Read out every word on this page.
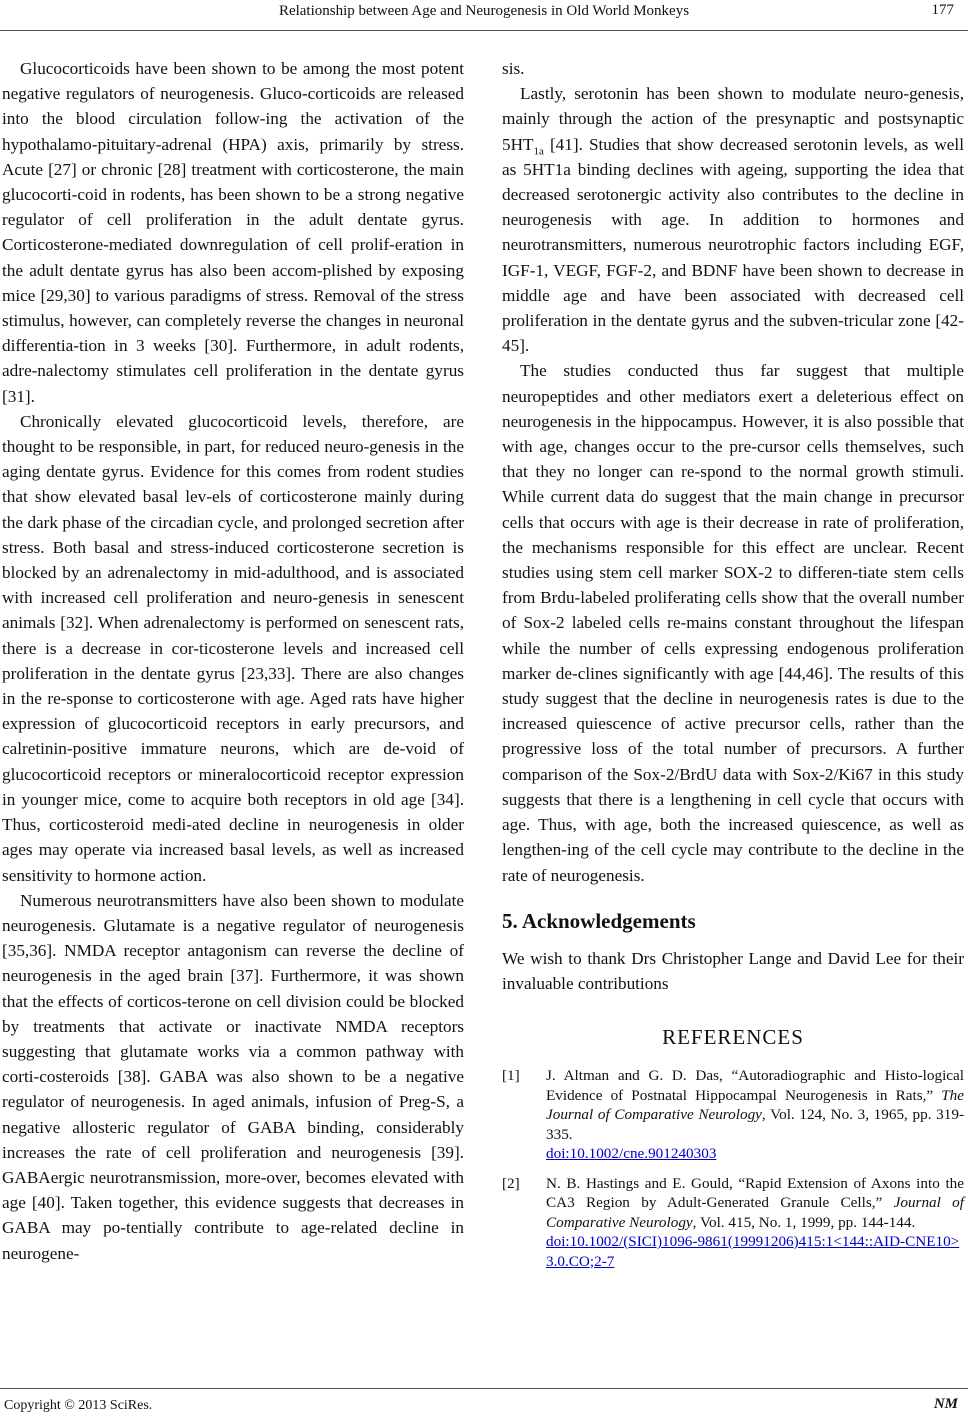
Relationship between Age and Neurogenesis in Old World Monkeys	177

Glucocorticoids have been shown to be among the most potent negative regulators of neurogenesis. Gluco-corticoids are released into the blood circulation follow-ing the activation of the hypothalamo-pituitary-adrenal (HPA) axis, primarily by stress. Acute [27] or chronic [28] treatment with corticosterone, the main glucocorti-coid in rodents, has been shown to be a strong negative regulator of cell proliferation in the adult dentate gyrus. Corticosterone-mediated downregulation of cell prolif-eration in the adult dentate gyrus has also been accom-plished by exposing mice [29,30] to various paradigms of stress. Removal of the stress stimulus, however, can completely reverse the changes in neuronal differentia-tion in 3 weeks [30]. Furthermore, in adult rodents, adre-nalectomy stimulates cell proliferation in the dentate gyrus [31].

Chronically elevated glucocorticoid levels, therefore, are thought to be responsible, in part, for reduced neuro-genesis in the aging dentate gyrus. Evidence for this comes from rodent studies that show elevated basal lev-els of corticosterone mainly during the dark phase of the circadian cycle, and prolonged secretion after stress. Both basal and stress-induced corticosterone secretion is blocked by an adrenalectomy in mid-adulthood, and is associated with increased cell proliferation and neuro-genesis in senescent animals [32]. When adrenalectomy is performed on senescent rats, there is a decrease in cor-ticosterone levels and increased cell proliferation in the dentate gyrus [23,33]. There are also changes in the re-sponse to corticosterone with age. Aged rats have higher expression of glucocorticoid receptors in early precursors, and calretinin-positive immature neurons, which are de-void of glucocorticoid receptors or mineralocorticoid receptor expression in younger mice, come to acquire both receptors in old age [34]. Thus, corticosteroid medi-ated decline in neurogenesis in older ages may operate via increased basal levels, as well as increased sensitivity to hormone action.

Numerous neurotransmitters have also been shown to modulate neurogenesis. Glutamate is a negative regulator of neurogenesis [35,36]. NMDA receptor antagonism can reverse the decline of neurogenesis in the aged brain [37]. Furthermore, it was shown that the effects of corticos-terone on cell division could be blocked by treatments that activate or inactivate NMDA receptors suggesting that glutamate works via a common pathway with corti-costeroids [38]. GABA was also shown to be a negative regulator of neurogenesis. In aged animals, infusion of Preg-S, a negative allosteric regulator of GABA binding, considerably increases the rate of cell proliferation and neurogenesis [39]. GABAergic neurotransmission, more-over, becomes elevated with age [40]. Taken together, this evidence suggests that decreases in GABA may po-tentially contribute to age-related decline in neurogene-

sis.

Lastly, serotonin has been shown to modulate neuro-genesis, mainly through the action of the presynaptic and postsynaptic $5HT_{1a}$ [41]. Studies that show decreased serotonin levels, as well as 5HT1a binding declines with ageing, supporting the idea that decreased serotonergic activity also contributes to the decline in neurogenesis with age. In addition to hormones and neurotransmitters, numerous neurotrophic factors including EGF, IGF-1, VEGF, FGF-2, and BDNF have been shown to decrease in middle age and have been associated with decreased cell proliferation in the dentate gyrus and the subven-tricular zone [42-45].

The studies conducted thus far suggest that multiple neuropeptides and other mediators exert a deleterious effect on neurogenesis in the hippocampus. However, it is also possible that with age, changes occur to the pre-cursor cells themselves, such that they no longer can re-spond to the normal growth stimuli. While current data do suggest that the main change in precursor cells that occurs with age is their decrease in rate of proliferation, the mechanisms responsible for this effect are unclear. Recent studies using stem cell marker SOX-2 to differen-tiate stem cells from Brdu-labeled proliferating cells show that the overall number of Sox-2 labeled cells re-mains constant throughout the lifespan while the number of cells expressing endogenous proliferation marker de-clines significantly with age [44,46]. The results of this study suggest that the decline in neurogenesis rates is due to the increased quiescence of active precursor cells, rather than the progressive loss of the total number of precursors. A further comparison of the Sox-2/BrdU data with Sox-2/Ki67 in this study suggests that there is a lengthening in cell cycle that occurs with age. Thus, with age, both the increased quiescence, as well as lengthen-ing of the cell cycle may contribute to the decline in the rate of neurogenesis.

5. Acknowledgements

We wish to thank Drs Christopher Lange and David Lee for their invaluable contributions

REFERENCES
[1] J. Altman and G. D. Das, “Autoradiographic and Histo-logical Evidence of Postnatal Hippocampal Neurogenesis in Rats,” The Journal of Comparative Neurology, Vol. 124, No. 3, 1965, pp. 319-335.
doi:10.1002/cne.901240303
[2] N. B. Hastings and E. Gould, “Rapid Extension of Axons into the CA3 Region by Adult-Generated Granule Cells,” Journal of Comparative Neurology, Vol. 415, No. 1, 1999, pp. 144-144.
doi:10.1002/(SICI)1096-9861(19991206)415:1<144::AID-CNE10>3.0.CO;2-7
Copyright © 2013 SciRes.	NM
